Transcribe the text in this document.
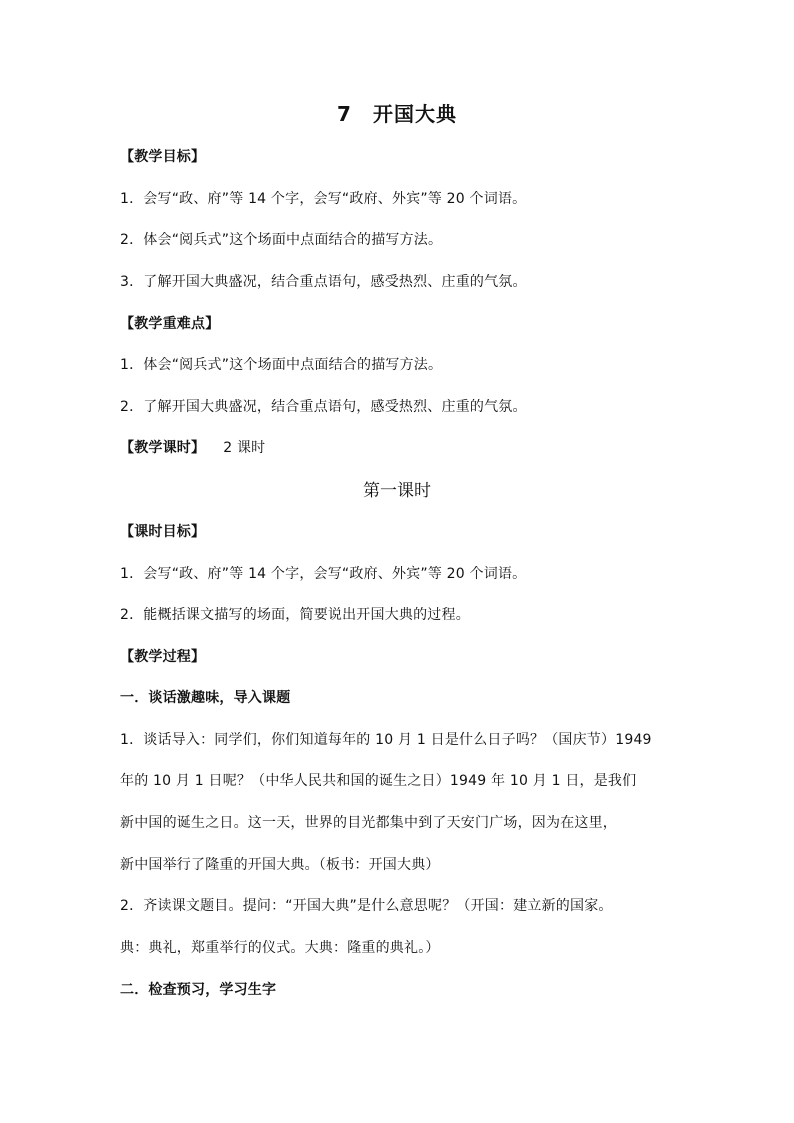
7　开国大典
【教学目标】
1．会写“政、府”等 14 个字，会写“政府、外宾”等 20 个词语。
2．体会“阅兵式”这个场面中点面结合的描写方法。
3．了解开国大典盛况，结合重点语句，感受热烈、庄重的气氛。
【教学重难点】
1．体会“阅兵式”这个场面中点面结合的描写方法。
2．了解开国大典盛况，结合重点语句，感受热烈、庄重的气氛。
【教学课时】 2 课时
第一课时
【课时目标】
1．会写“政、府”等 14 个字，会写“政府、外宾”等 20 个词语。
2．能概括课文描写的场面，简要说出开国大典的过程。
【教学过程】
一．谈话激趣味，导入课题
1．谈话导入：同学们，你们知道每年的 10 月 1 日是什么日子吗？（国庆节）1949
年的 10 月 1 日呢？（中华人民共和国的诞生之日）1949 年 10 月 1 日，是我们
新中国的诞生之日。这一天，世界的目光都集中到了天安门广场，因为在这里，
新中国举行了隆重的开国大典。（板书：开国大典）
2．齐读课文题目。提问：“开国大典”是什么意思呢？（开国：建立新的国家。
典：典礼，郑重举行的仪式。大典：隆重的典礼。）
二．检查预习，学习生字
